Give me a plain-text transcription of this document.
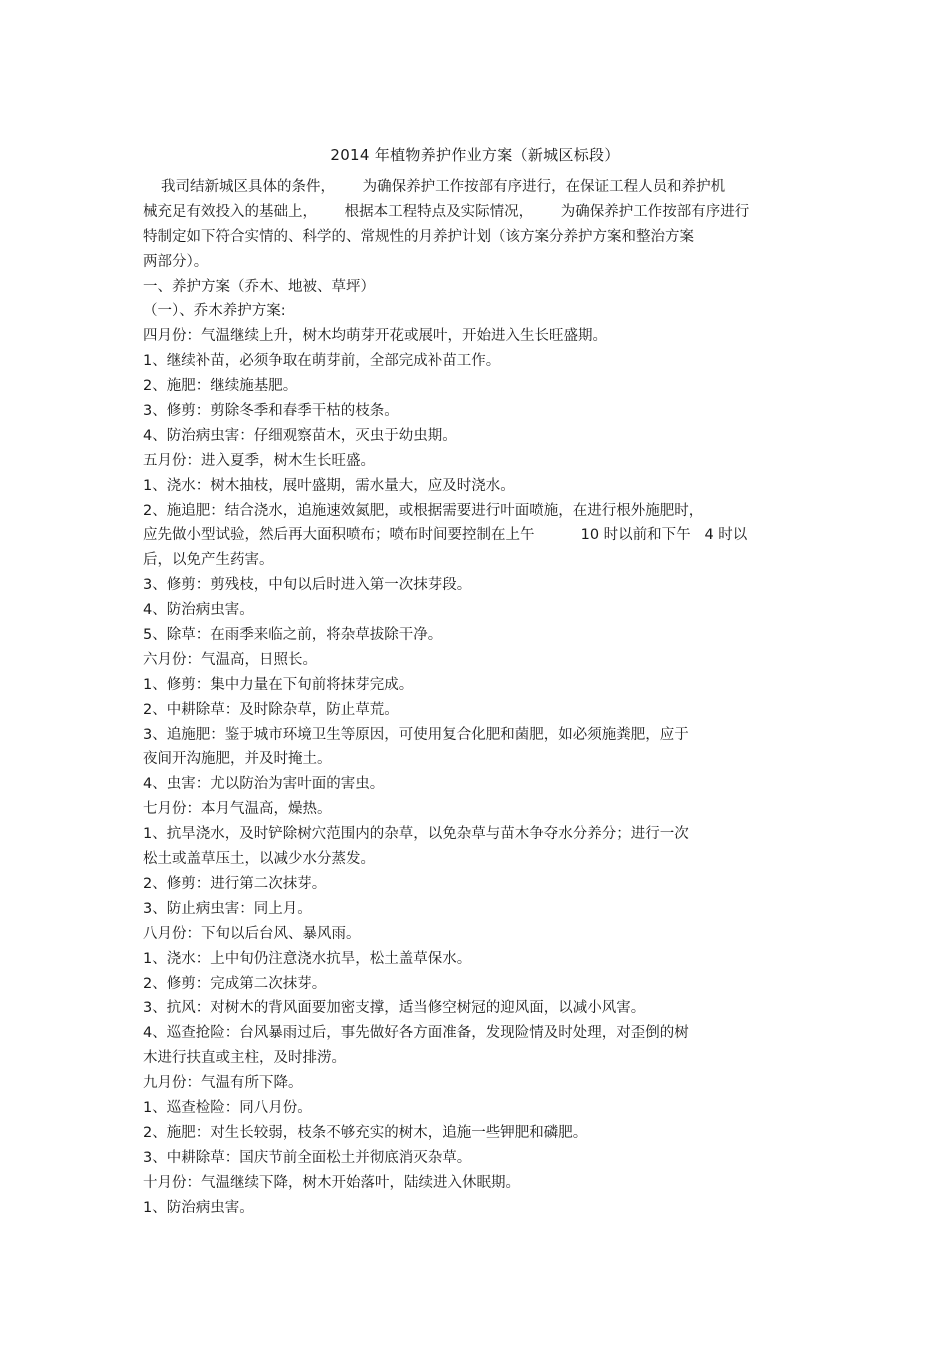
2014 年植物养护作业方案（新城区标段）
我司结新城区具体的条件，      为确保养护工作按部有序进行，在保证工程人员和养护机
械充足有效投入的基础上，      根据本工程特点及实际情况，      为确保养护工作按部有序进行
特制定如下符合实情的、科学的、常规性的月养护计划（该方案分养护方案和整治方案
两部分）。
一、养护方案（乔木、地被、草坪）
（一）、乔木养护方案:
四月份：气温继续上升，树木均萌芽开花或展叶，开始进入生长旺盛期。
1、继续补苗，必须争取在萌芽前，全部完成补苗工作。
2、施肥：继续施基肥。
3、修剪：剪除冬季和春季干枯的枝条。
4、防治病虫害：仔细观察苗木，灭虫于幼虫期。
五月份：进入夏季，树木生长旺盛。
1、浇水：树木抽枝，展叶盛期，需水量大，应及时浇水。
2、施追肥：结合浇水，追施速效氮肥，或根据需要进行叶面喷施，在进行根外施肥时，
应先做小型试验，然后再大面积喷布；喷布时间要控制在上午          10 时以前和下午   4 时以
后，以免产生药害。
3、修剪：剪残枝，中旬以后时进入第一次抹芽段。
4、防治病虫害。
5、除草：在雨季来临之前，将杂草拔除干净。
六月份：气温高，日照长。
1、修剪：集中力量在下旬前将抹芽完成。
2、中耕除草：及时除杂草，防止草荒。
3、追施肥：鉴于城市环境卫生等原因，可使用复合化肥和菌肥，如必须施粪肥，应于
夜间开沟施肥，并及时掩土。
4、虫害：尤以防治为害叶面的害虫。
七月份：本月气温高，燥热。
1、抗旱浇水，及时铲除树穴范围内的杂草，以免杂草与苗木争夺水分养分；进行一次
松土或盖草压土，以减少水分蒸发。
2、修剪：进行第二次抹芽。
3、防止病虫害：同上月。
八月份：下旬以后台风、暴风雨。
1、浇水：上中旬仍注意浇水抗旱，松土盖草保水。
2、修剪：完成第二次抹芽。
3、抗风：对树木的背风面要加密支撑，适当修空树冠的迎风面，以减小风害。
4、巡查抢险：台风暴雨过后，事先做好各方面准备，发现险情及时处理，对歪倒的树
木进行扶直或主柱，及时排涝。
九月份：气温有所下降。
1、巡查检险：同八月份。
2、施肥：对生长较弱，枝条不够充实的树木，追施一些钾肥和磷肥。
3、中耕除草：国庆节前全面松土并彻底消灭杂草。
十月份：气温继续下降，树木开始落叶，陆续进入休眠期。
1、防治病虫害。
